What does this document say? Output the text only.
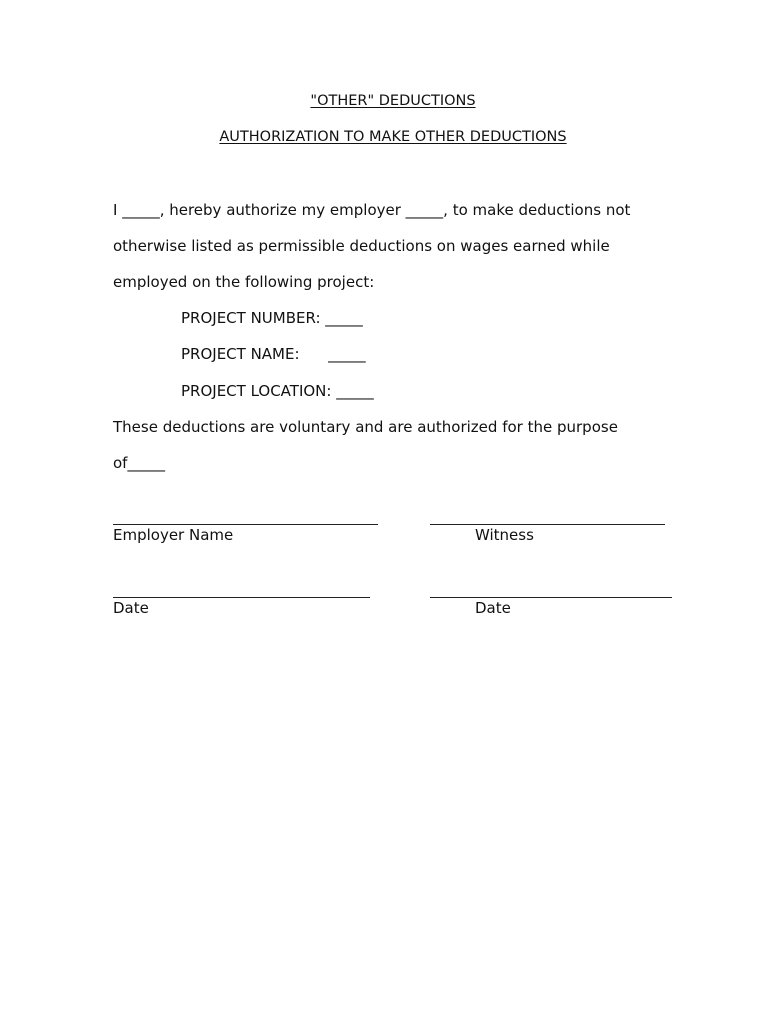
"OTHER" DEDUCTIONS
AUTHORIZATION TO MAKE OTHER DEDUCTIONS

I _____, hereby authorize my employer _____, to make deductions not

otherwise listed as permissible deductions on wages earned while

employed on the following project:

PROJECT NUMBER: _____

PROJECT NAME:      _____

PROJECT LOCATION: _____

These deductions are voluntary and are authorized for the purpose

of_____

Employer Name	Witness
Date	Date
